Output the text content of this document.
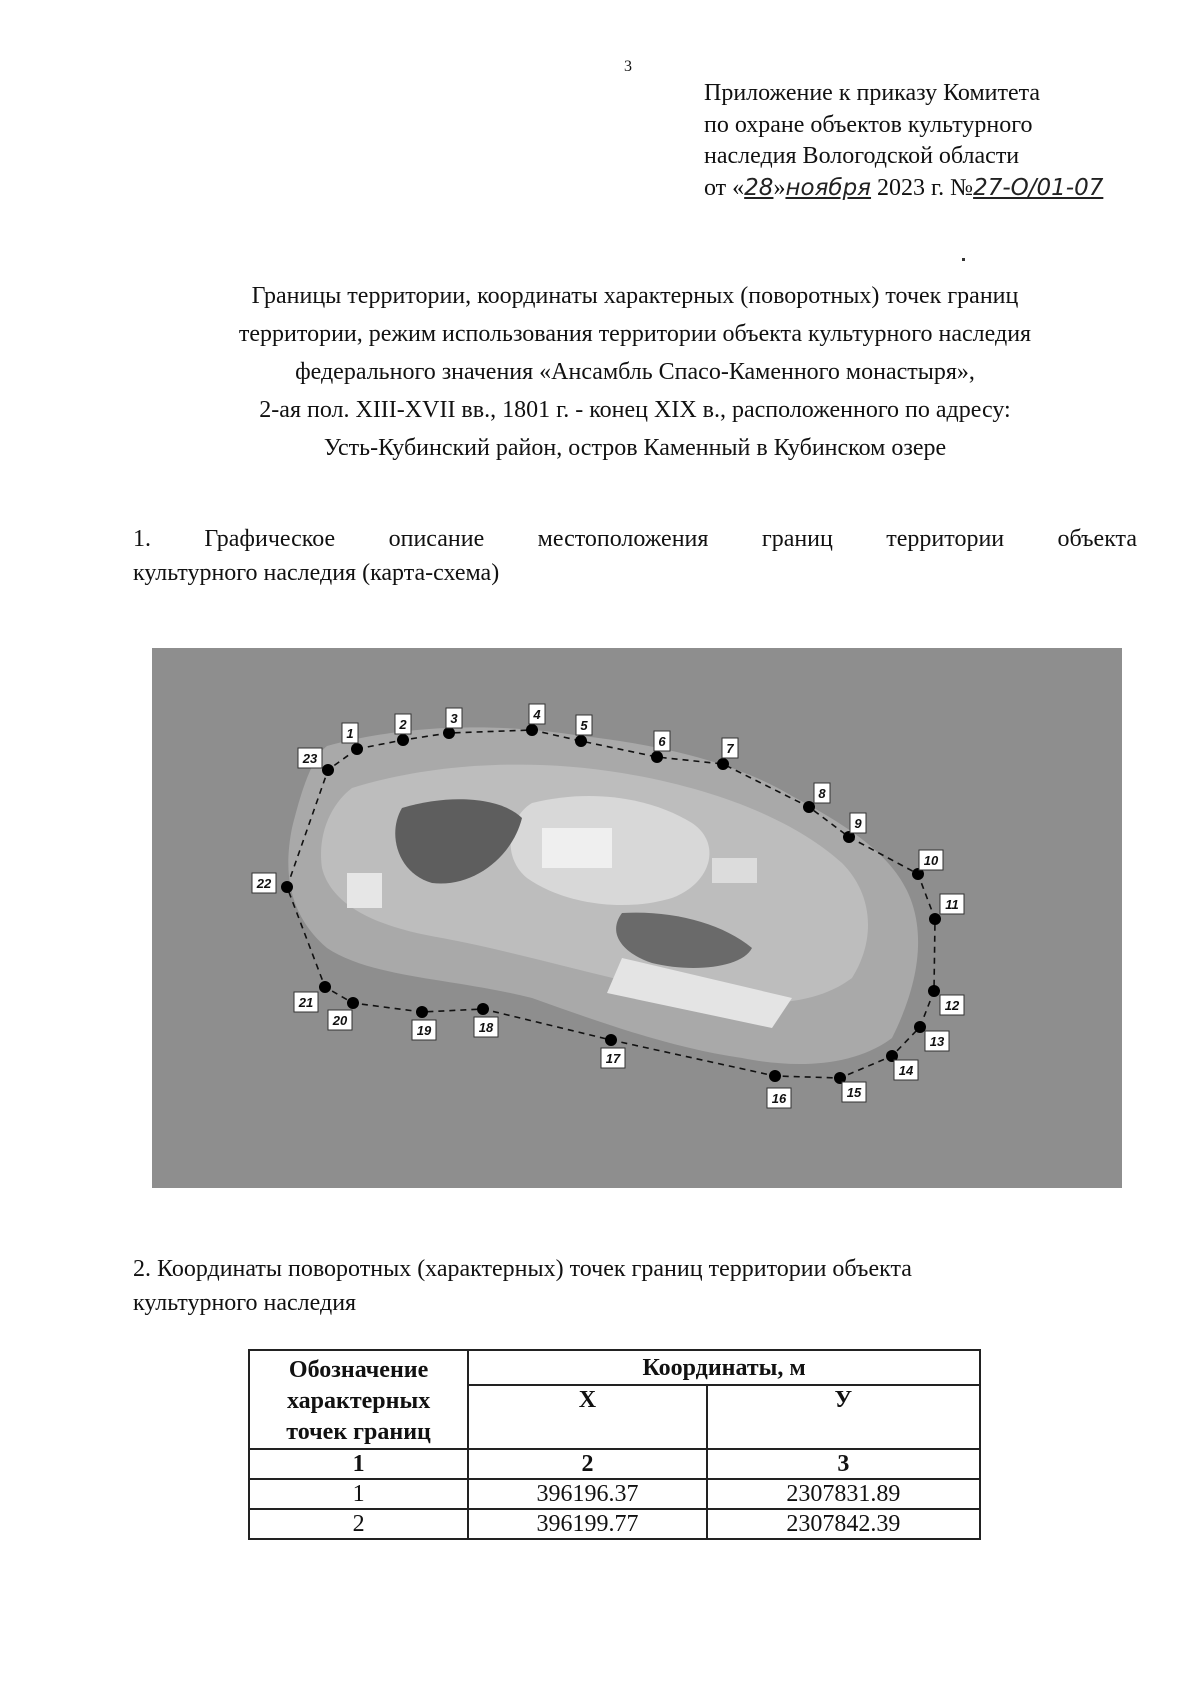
3
Приложение к приказу Комитета
по охране объектов культурного
наследия Вологодской области
от «28»ноября 2023 г. №27-О/01-07
Границы территории, координаты характерных (поворотных) точек границ
территории, режим использования территории объекта культурного наследия
федерального значения «Ансамбль Спасо-Каменного монастыря»,
2-ая пол. XIII-XVII вв., 1801 г. - конец XIX в., расположенного по адресу:
Усть-Кубинский район, остров Каменный в Кубинском озере
1. Графическое описание местоположения границ территории объекта
культурного наследия (карта-схема)
1
2	3	4
5
6	7
8
9
10
11
12
13
14
15
16
17
18
19
20
21
22
23
2. Координаты поворотных (характерных) точек границ территории объекта
культурного наследия
Обозначение
характерных
точек границ	Координаты, м	
	Х	У
1	2	3
1	396196.37	2307831.89
2	396199.77	2307842.39
